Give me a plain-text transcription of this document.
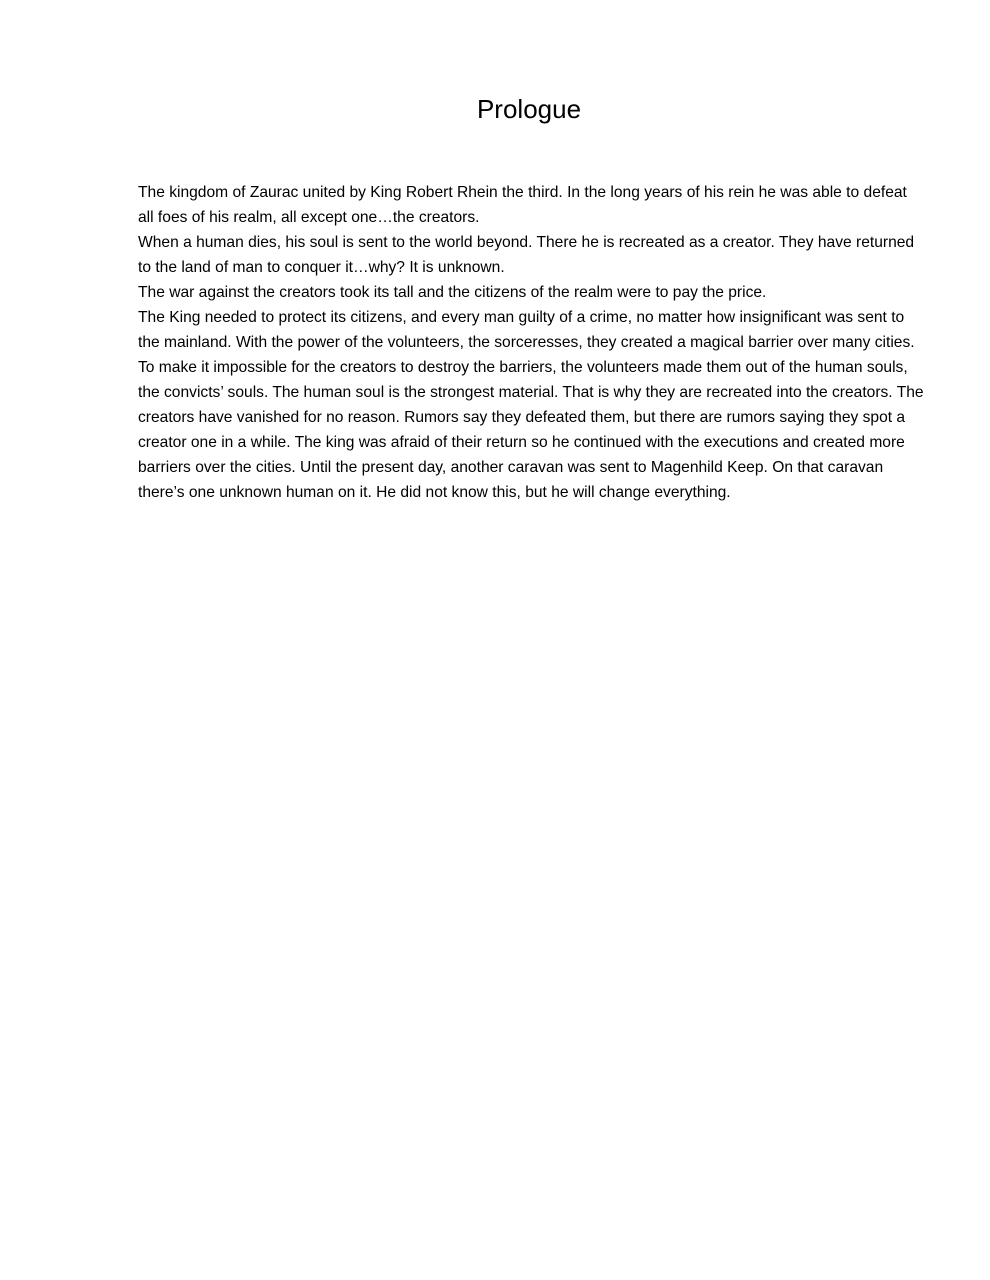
Prologue

The kingdom of Zaurac united by King Robert Rhein the third. In the long years of his rein he was able to defeat all foes of his realm, all except one…the creators.

When a human dies, his soul is sent to the world beyond. There he is recreated as a creator. They have returned to the land of man to conquer it…why? It is unknown.

The war against the creators took its tall and the citizens of the realm were to pay the price.

The King needed to protect its citizens, and every man guilty of a crime, no matter how insignificant was sent to the mainland. With the power of the volunteers, the sorceresses, they created a magical barrier over many cities. To make it impossible for the creators to destroy the barriers, the volunteers made them out of the human souls, the convicts’ souls. The human soul is the strongest material. That is why they are recreated into the creators. The creators have vanished for no reason. Rumors say they defeated them, but there are rumors saying they spot a creator one in a while. The king was afraid of their return so he continued with the executions and created more barriers over the cities. Until the present day, another caravan was sent to Magenhild Keep. On that caravan there’s one unknown human on it. He did not know this, but he will change everything.
